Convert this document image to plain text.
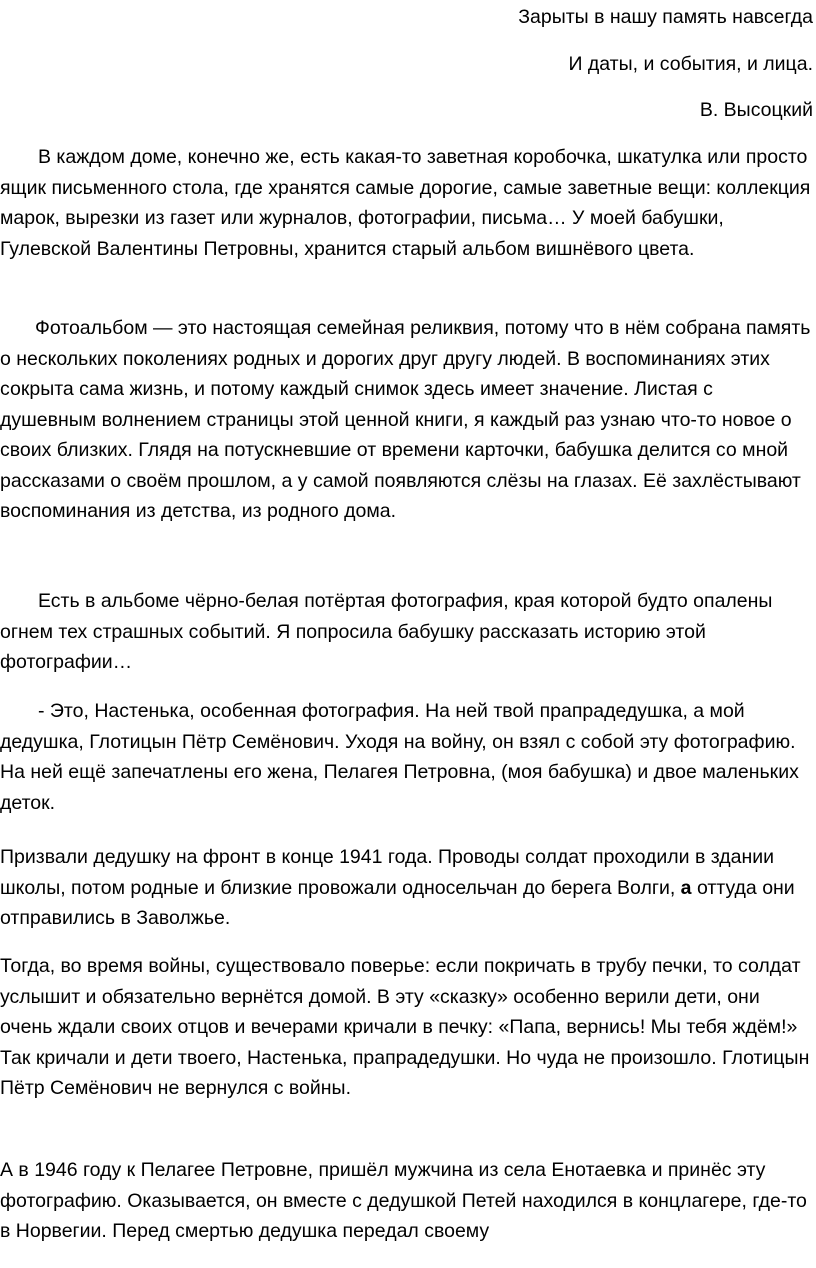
Зарыты в нашу память навсегда
И даты, и события, и лица.
В. Высоцкий

В каждом доме, конечно же, есть какая-то заветная коробочка, шкатулка или просто ящик письменного стола, где хранятся самые дорогие, самые заветные вещи: коллекция марок, вырезки из газет или журналов, фотографии, письма… У моей бабушки, Гулевской Валентины Петровны, хранится старый альбом вишнёвого цвета.

Фотоальбом — это настоящая семейная реликвия, потому что в нём собрана память о нескольких поколениях родных и дорогих друг другу людей. В воспоминаниях этих сокрыта сама жизнь, и потому каждый снимок здесь имеет значение. Листая с душевным волнением страницы этой ценной книги, я каждый раз узнаю что-то новое о своих близких. Глядя на потускневшие от времени карточки, бабушка делится со мной рассказами о своём прошлом, а у самой появляются слёзы на глазах. Её захлёстывают воспоминания из детства, из родного дома.

Есть в альбоме чёрно-белая потёртая фотография, края которой будто опалены огнем тех страшных событий. Я попросила бабушку рассказать историю этой фотографии…

- Это, Настенька, особенная фотография. На ней твой прапрадедушка, а мой дедушка, Глотицын Пётр Семёнович. Уходя на войну, он взял с собой эту фотографию. На ней ещё запечатлены его жена, Пелагея Петровна, (моя бабушка) и двое маленьких деток.

Призвали дедушку на фронт в конце 1941 года. Проводы солдат проходили в здании школы, потом родные и близкие провожали односельчан до берега Волги, а оттуда они отправились в Заволжье.

Тогда, во время войны, существовало поверье: если покричать в трубу печки, то солдат услышит и обязательно вернётся домой. В эту «сказку» особенно верили дети, они очень ждали своих отцов и вечерами кричали в печку: «Папа, вернись! Мы тебя ждём!» Так кричали и дети твоего, Настенька, прапрадедушки. Но чуда не произошло. Глотицын Пётр Семёнович не вернулся с войны.

А в 1946 году к Пелагее Петровне, пришёл мужчина из села Енотаевка и принёс эту фотографию. Оказывается, он вместе с дедушкой Петей находился в концлагере, где-то в Норвегии. Перед смертью дедушка передал своему
